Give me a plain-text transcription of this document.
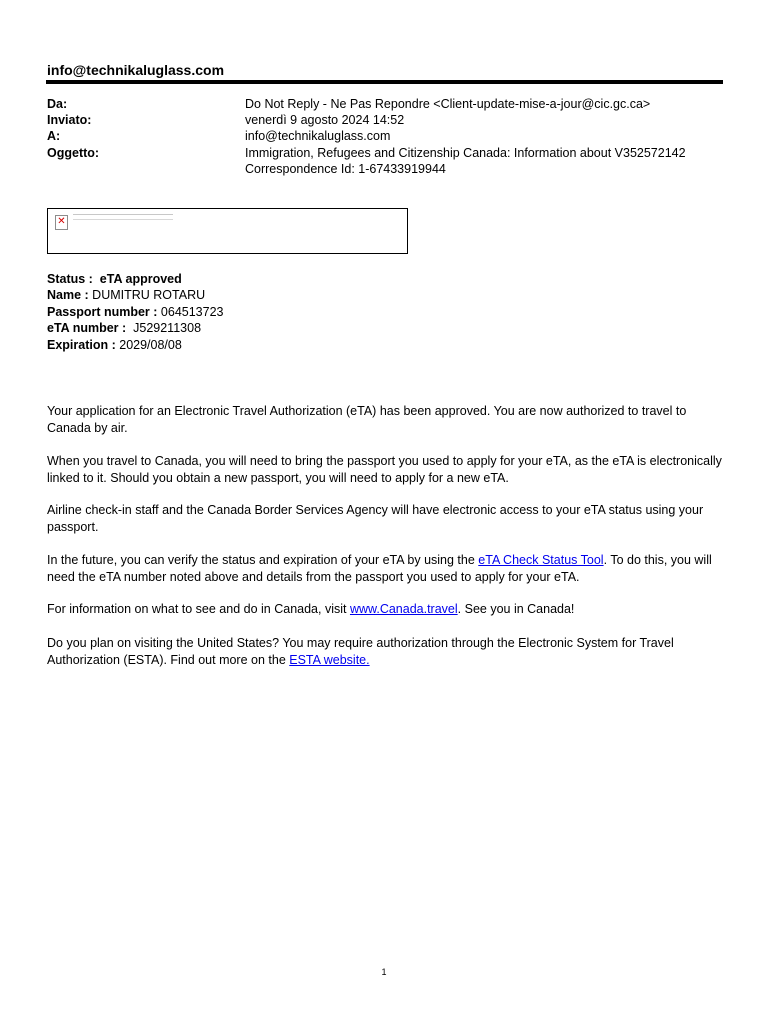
info@technikaluglass.com
Da:	Do Not Reply - Ne Pas Repondre <Client-update-mise-a-jour@cic.gc.ca>
Inviato:	venerdì 9 agosto 2024 14:52
A:	info@technikaluglass.com
Oggetto:	Immigration, Refugees and Citizenship Canada: Information about V352572142
Correspondence Id: 1-67433919944
✕
Status : eTA approved
Name : DUMITRU ROTARU
Passport number : 064513723
eTA number : J529211308
Expiration : 2029/08/08

Your application for an Electronic Travel Authorization (eTA) has been approved. You are now authorized to travel to Canada by air.

When you travel to Canada, you will need to bring the passport you used to apply for your eTA, as the eTA is electronically linked to it. Should you obtain a new passport, you will need to apply for a new eTA.

Airline check-in staff and the Canada Border Services Agency will have electronic access to your eTA status using your passport.

In the future, you can verify the status and expiration of your eTA by using the eTA Check Status Tool. To do this, you will need the eTA number noted above and details from the passport you used to apply for your eTA.

For information on what to see and do in Canada, visit www.Canada.travel. See you in Canada!

Do you plan on visiting the United States? You may require authorization through the Electronic System for Travel Authorization (ESTA). Find out more on the ESTA website.

1
